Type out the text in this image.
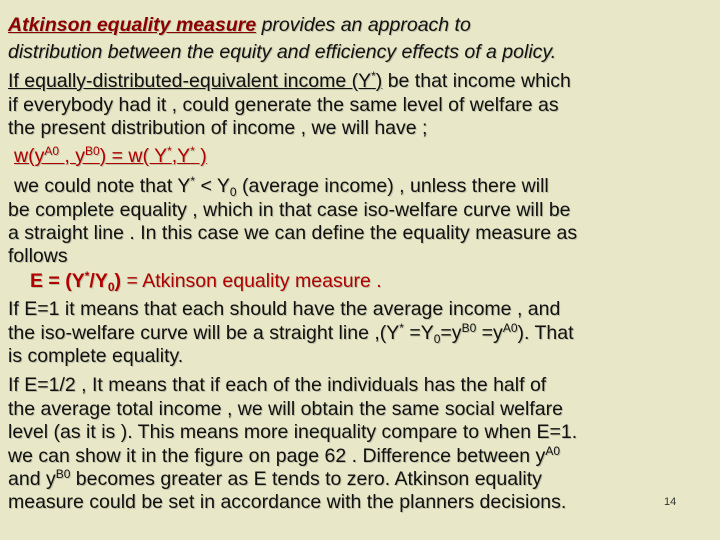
Atkinson equality measure provides an approach to
distribution between the equity and efficiency effects of a policy.
If equally-distributed-equivalent income (Y*) be that income which
if everybody had it , could generate the same level of welfare as
the present distribution of income , we will have ;
$w(y^{A0}$ , $y^{B0}) = w$( Y*,Y* )
we could note that $Y^* < Y_0$ (average income) , unless there will
be complete equality , which in that case iso-welfare curve will be
a straight line . In this case we can define the equality measure as
follows
$E = (Y^*/Y_0)$ = Atkinson equality measure .
If E=1 it means that each should have the average income , and
the iso-welfare curve will be a straight line $,(Y^* =Y_0=y^{B0} =y^{A0})$. That
is complete equality.
If E=1/2 , It means that if each of the individuals has the half of
the average total income , we will obtain the same social welfare
level (as it is ). This means more inequality compare to when E=1.
we can show it in the figure on page 62 . Difference between $y^{A0}$
and $y^{B0}$ becomes greater as E tends to zero. Atkinson equality
measure could be set in accordance with the planners decisions.	14
